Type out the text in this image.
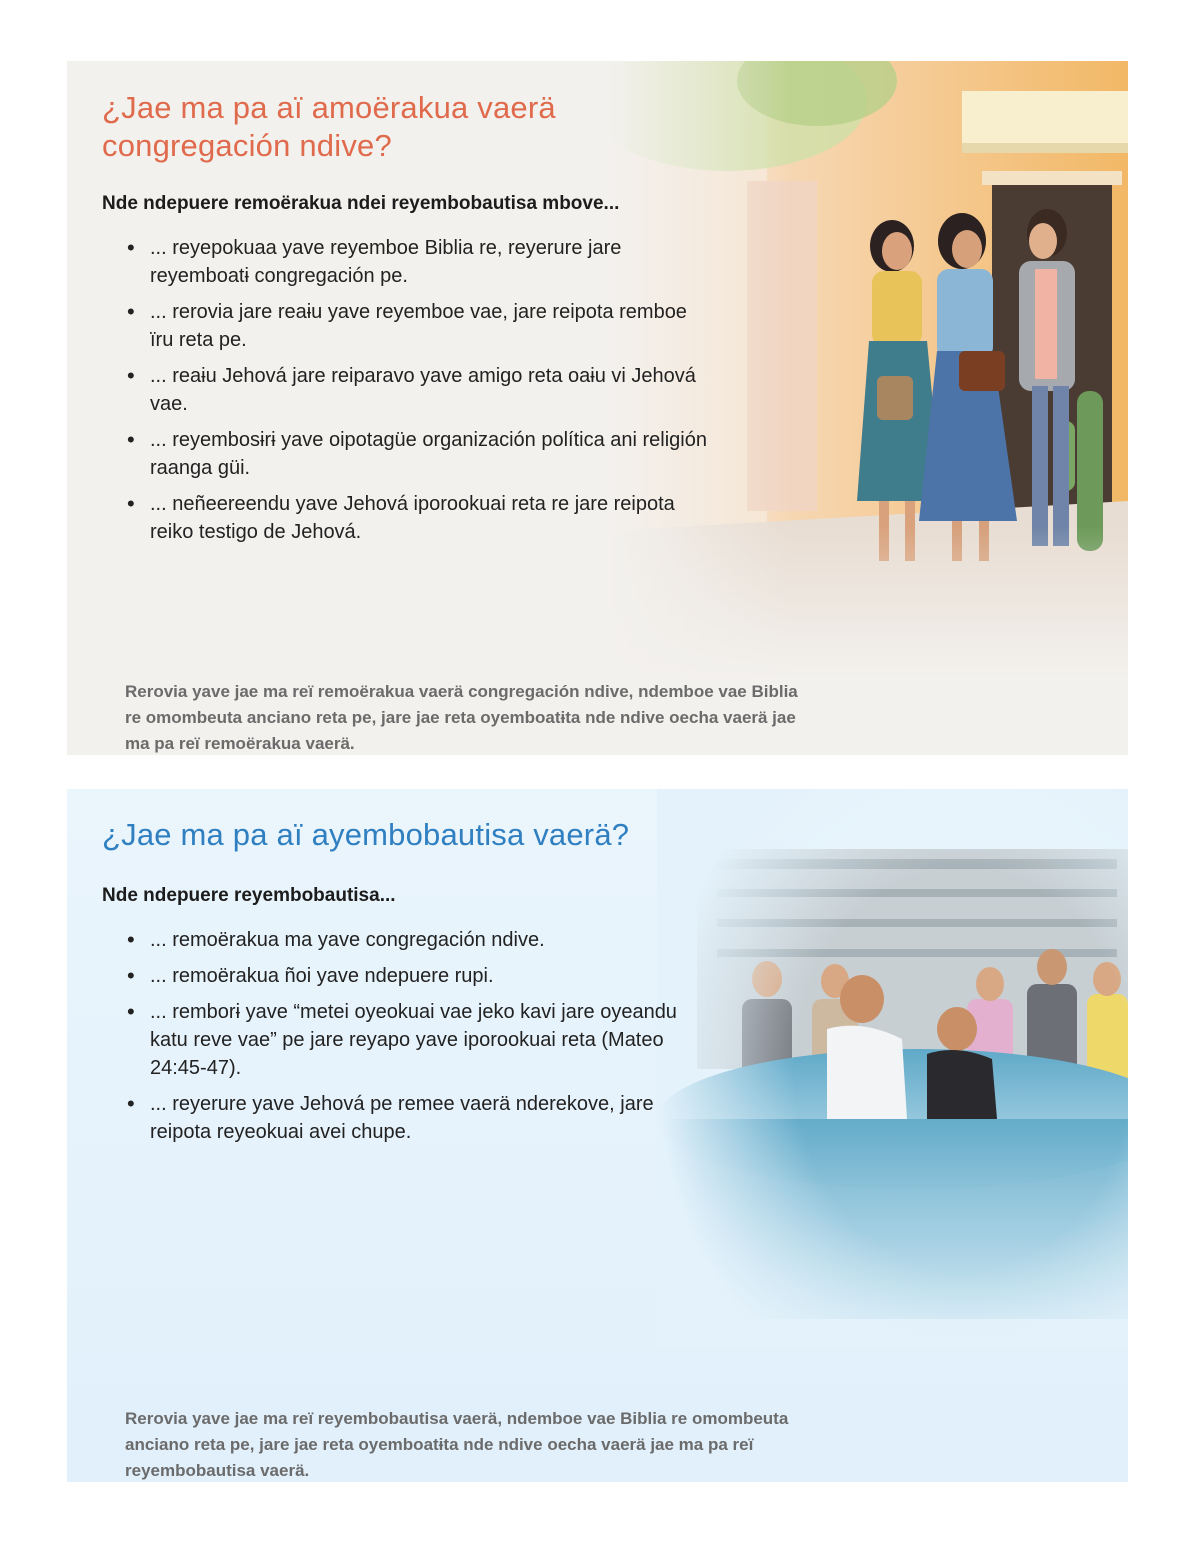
¿Jae ma pa aï amoërakua vaerä congregación ndive?
Nde ndepuere remoërakua ndei reyembobautisa mbove...
• ... reyepokuaa yave reyemboe Biblia re, reyerure jare reyemboatɨ congregación pe.
• ... rerovia jare reaɨu yave reyemboe vae, jare reipota remboe ïru reta pe.
• ... reaɨu Jehová jare reiparavo yave amigo reta oaɨu vi Jehová vae.
• ... reyembosɨrɨ yave oipotagüe organización política ani religión raanga güi.
• ... neñeereendu yave Jehová iporookuai reta re jare reipota reiko testigo de Jehová.

Rerovia yave jae ma reï remoërakua vaerä congregación ndive, ndemboe vae Biblia re omombeuta anciano reta pe, jare jae reta oyemboatɨta nde ndive oecha vaerä jae ma pa reï remoërakua vaerä.

¿Jae ma pa aï ayembobautisa vaerä?
Nde ndepuere reyembobautisa...
• ... remoërakua ma yave congregación ndive.
• ... remoërakua ñoi yave ndepuere rupi.
• ... remborɨ yave “metei oyeokuai vae jeko kavi jare oyeandu katu reve vae” pe jare reyapo yave iporookuai reta (Mateo 24:45-47).
• ... reyerure yave Jehová pe remee vaerä nderekove, jare reipota reyeokuai avei chupe.

Rerovia yave jae ma reï reyembobautisa vaerä, ndemboe vae Biblia re omombeuta anciano reta pe, jare jae reta oyemboatɨta nde ndive oecha vaerä jae ma pa reï reyembobautisa vaerä.
